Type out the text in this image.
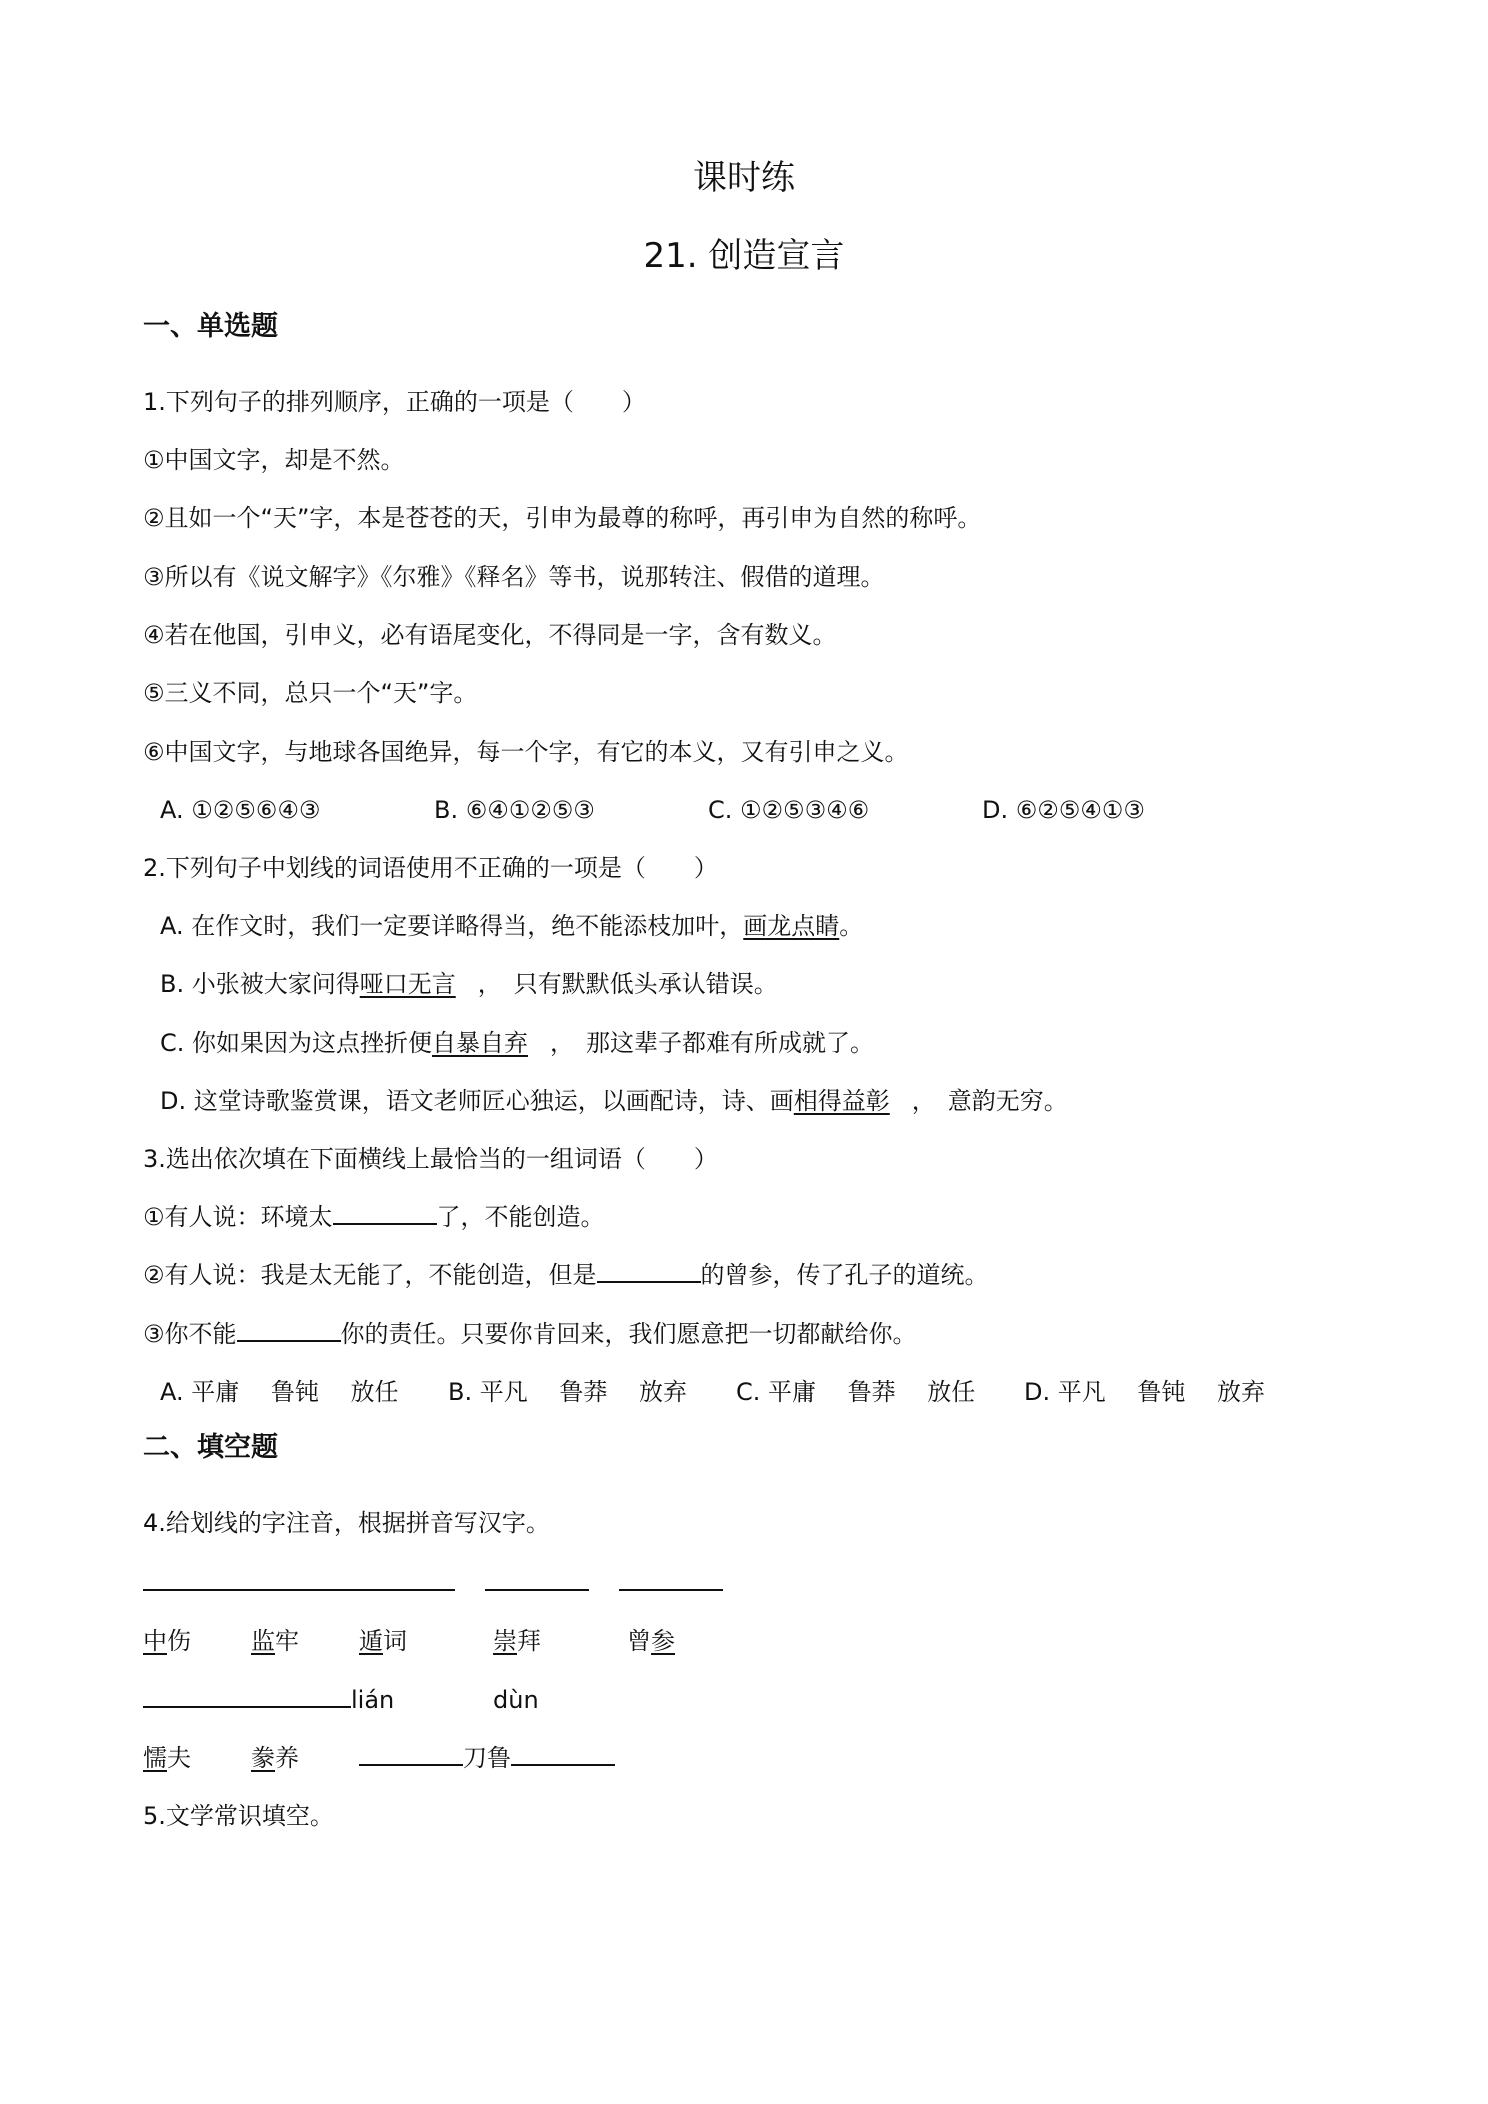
课时练
21. 创造宣言
一、单选题
1.下列句子的排列顺序，正确的一项是（　　）
①中国文字，却是不然。
②且如一个“天”字，本是苍苍的天，引申为最尊的称呼，再引申为自然的称呼。
③所以有《说文解字》《尔雅》《释名》等书，说那转注、假借的道理。
④若在他国，引申义，必有语尾变化，不得同是一字，含有数义。
⑤三义不同，总只一个“天”字。
⑥中国文字，与地球各国绝异，每一个字，有它的本义，又有引申之义。
A. ①②⑤⑥④③	B. ⑥④①②⑤③	C. ①②⑤③④⑥	D. ⑥②⑤④①③
2.下列句子中划线的词语使用不正确的一项是（　　）
A. 在作文时，我们一定要详略得当，绝不能添枝加叶，画龙点睛。
B. 小张被大家问得哑口无言 ，　只有默默低头承认错误。
C. 你如果因为这点挫折便自暴自弃 ，　那这辈子都难有所成就了。
D. 这堂诗歌鉴赏课，语文老师匠心独运，以画配诗，诗、画相得益彰 ，　意韵无穷。
3.选出依次填在下面横线上最恰当的一组词语（　　）
①有人说：环境太	了，不能创造。
②有人说：我是太无能了，不能创造，但是	的曾参，传了孔子的道统。
③你不能	你的责任。只要你肯回来，我们愿意把一切都献给你。
A. 平庸　 鲁钝　 放任 B. 平凡　 鲁莽　 放弃 C. 平庸　 鲁莽　 放任 D. 平凡　 鲁钝　 放弃
二、填空题
4.给划线的字注音，根据拼音写汉字。
中伤	监牢	遁词	崇拜	曾参
lián	dùn
懦夫	豢养	刀鲁
5.文学常识填空。
